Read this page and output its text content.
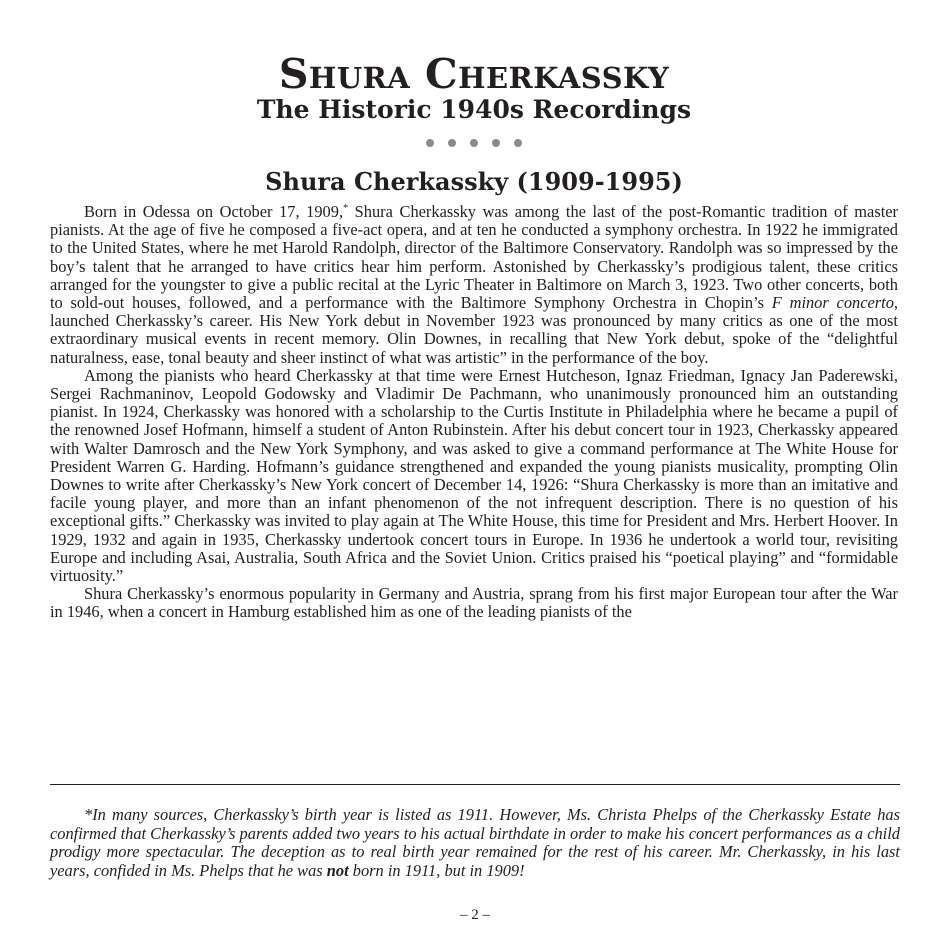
Shura Cherkassky
The Historic 1940s Recordings
Shura Cherkassky (1909-1995)

Born in Odessa on October 17, 1909,* Shura Cherkassky was among the last of the post-Romantic tradition of master pianists. At the age of five he composed a five-act opera, and at ten he conducted a symphony orchestra. In 1922 he immigrated to the United States, where he met Harold Randolph, director of the Baltimore Conservatory. Randolph was so impressed by the boy’s talent that he arranged to have critics hear him perform. Astonished by Cherkassky’s prodigious talent, these critics arranged for the youngster to give a public recital at the Lyric Theater in Baltimore on March 3, 1923. Two other concerts, both to sold-out houses, followed, and a performance with the Baltimore Symphony Orchestra in Chopin’s F minor concerto, launched Cherkassky’s career. His New York debut in November 1923 was pronounced by many critics as one of the most extraordinary musical events in recent memory. Olin Downes, in recalling that New York debut, spoke of the “delightful naturalness, ease, tonal beauty and sheer instinct of what was artistic” in the performance of the boy.

Among the pianists who heard Cherkassky at that time were Ernest Hutcheson, Ignaz Friedman, Ignacy Jan Paderewski, Sergei Rachmaninov, Leopold Godowsky and Vladimir De Pachmann, who unanimously pronounced him an outstanding pianist. In 1924, Cherkassky was honored with a scholarship to the Curtis Institute in Philadelphia where he became a pupil of the renowned Josef Hofmann, himself a student of Anton Rubinstein. After his debut concert tour in 1923, Cherkassky appeared with Walter Damrosch and the New York Symphony, and was asked to give a command performance at The White House for President Warren G. Harding. Hofmann’s guidance strengthened and expanded the young pianists musicality, prompting Olin Downes to write after Cherkassky’s New York concert of December 14, 1926: “Shura Cherkassky is more than an imitative and facile young player, and more than an infant phenomenon of the not infrequent description. There is no question of his exceptional gifts.” Cherkassky was invited to play again at The White House, this time for President and Mrs. Herbert Hoover. In 1929, 1932 and again in 1935, Cherkassky undertook concert tours in Europe. In 1936 he undertook a world tour, revisiting Europe and including Asai, Australia, South Africa and the Soviet Union. Critics praised his “poetical playing” and “formidable virtuosity.”

Shura Cherkassky’s enormous popularity in Germany and Austria, sprang from his first major European tour after the War in 1946, when a concert in Hamburg established him as one of the leading pianists of the

*In many sources, Cherkassky’s birth year is listed as 1911. However, Ms. Christa Phelps of the Cherkassky Estate has confirmed that Cherkassky’s parents added two years to his actual birthdate in order to make his concert performances as a child prodigy more spectacular. The deception as to real birth year remained for the rest of his career. Mr. Cherkassky, in his last years, confided in Ms. Phelps that he was not born in 1911, but in 1909!

– 2 –
